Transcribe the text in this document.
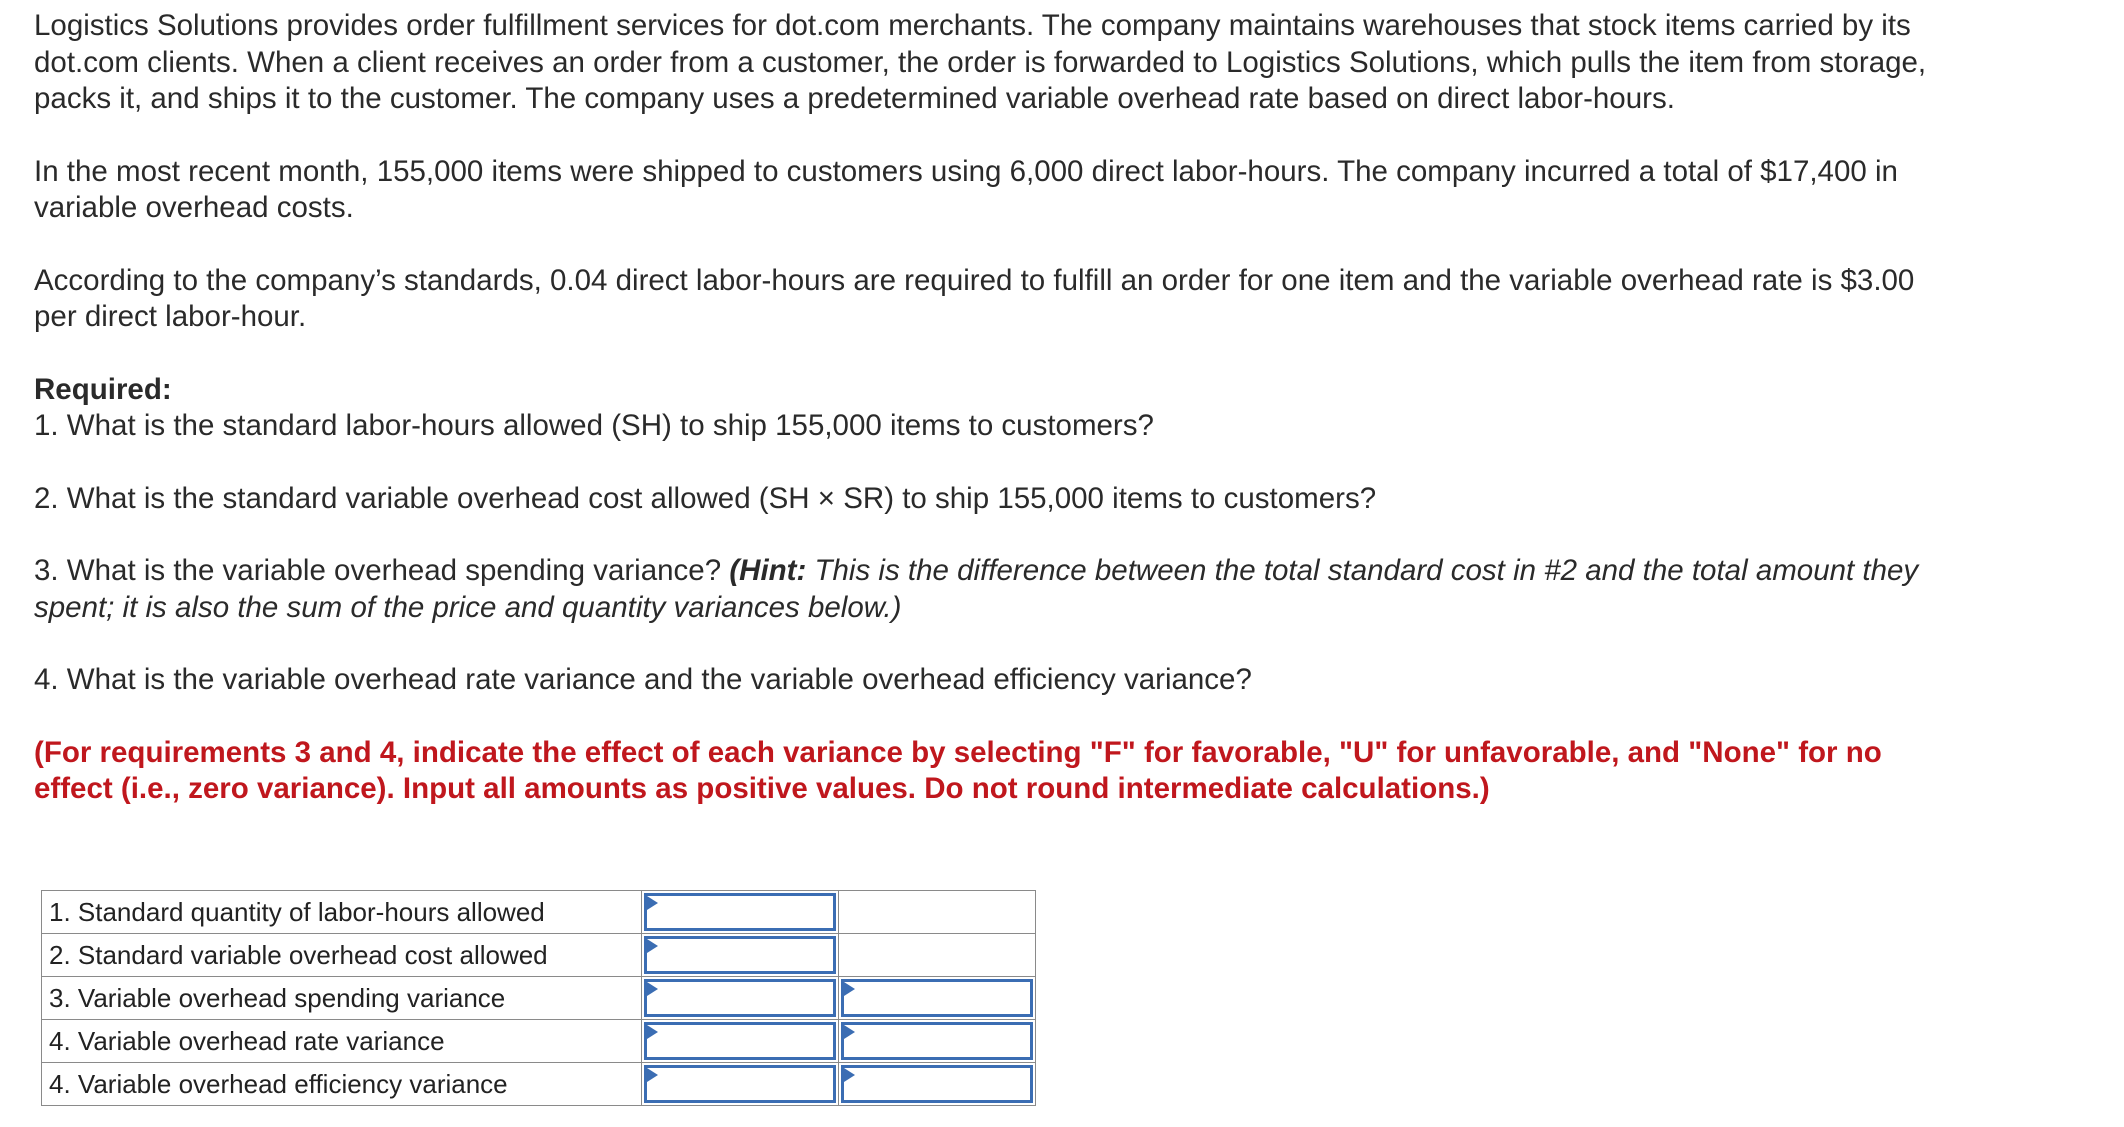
Logistics Solutions provides order fulfillment services for dot.com merchants. The company maintains warehouses that stock items carried by its dot.com clients. When a client receives an order from a customer, the order is forwarded to Logistics Solutions, which pulls the item from storage, packs it, and ships it to the customer. The company uses a predetermined variable overhead rate based on direct labor-hours.

In the most recent month, 155,000 items were shipped to customers using 6,000 direct labor-hours. The company incurred a total of $17,400 in variable overhead costs.

According to the company’s standards, 0.04 direct labor-hours are required to fulfill an order for one item and the variable overhead rate is $3.00 per direct labor-hour.

Required:

1. What is the standard labor-hours allowed (SH) to ship 155,000 items to customers?

2. What is the standard variable overhead cost allowed (SH × SR) to ship 155,000 items to customers?

3. What is the variable overhead spending variance? (Hint: This is the difference between the total standard cost in #2 and the total amount they spent; it is also the sum of the price and quantity variances below.)

4. What is the variable overhead rate variance and the variable overhead efficiency variance?

(For requirements 3 and 4, indicate the effect of each variance by selecting "F" for favorable, "U" for unfavorable, and "None" for no effect (i.e., zero variance). Input all amounts as positive values. Do not round intermediate calculations.)

1. Standard quantity of labor-hours allowed	

2. Standard variable overhead cost allowed	

3. Variable overhead spending variance	

4. Variable overhead rate variance	

4. Variable overhead efficiency variance	
